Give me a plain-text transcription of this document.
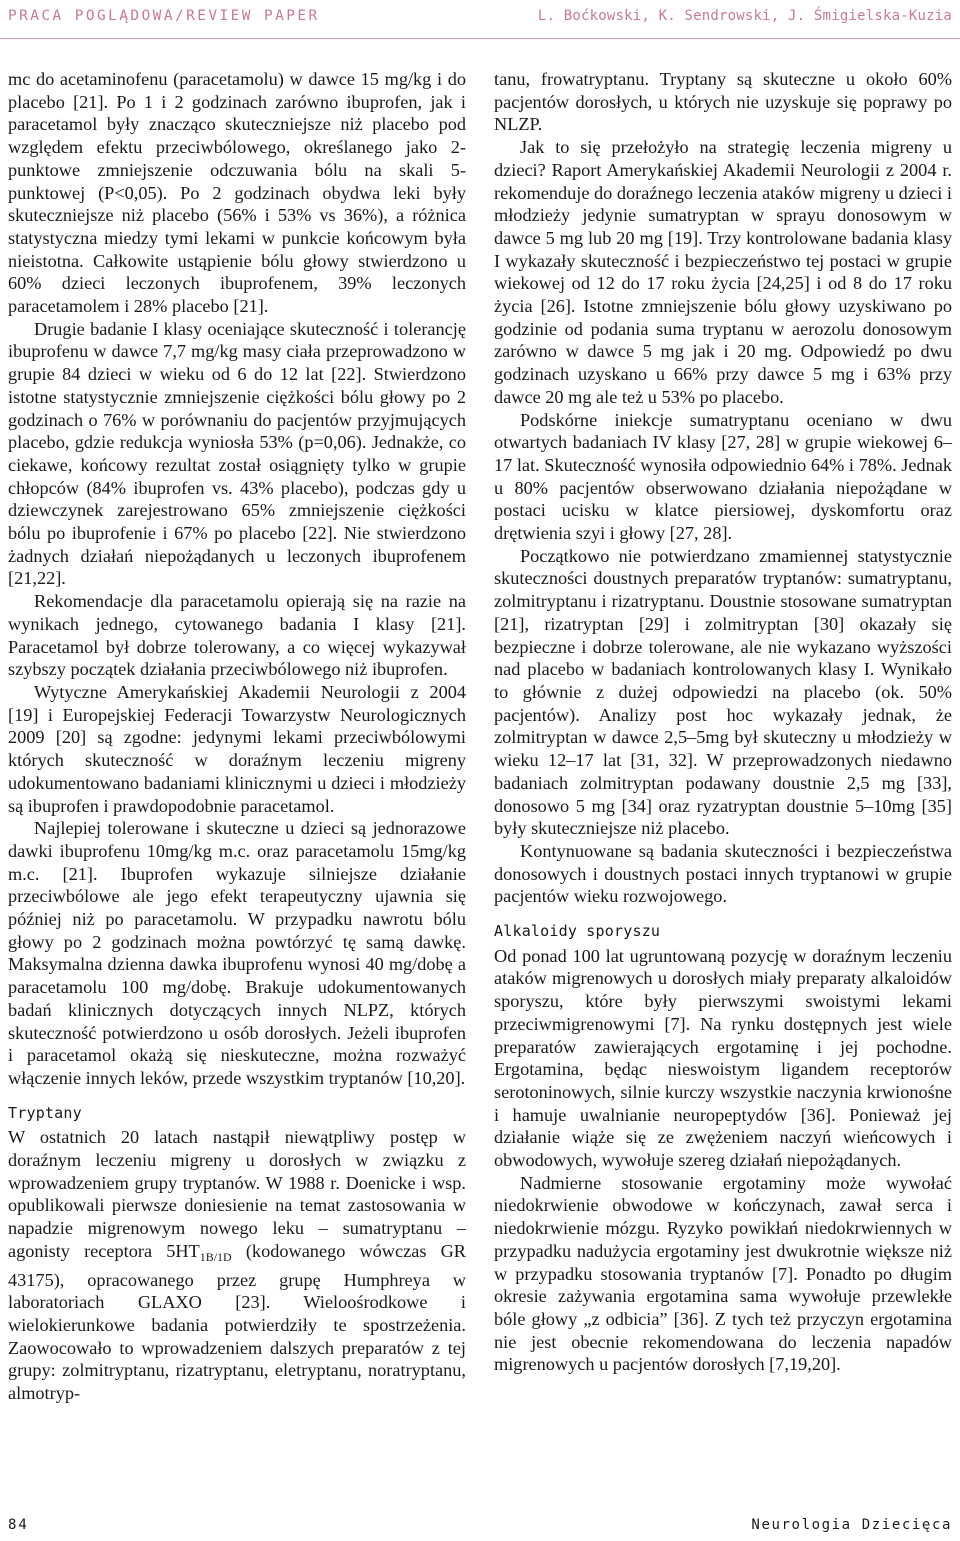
PRACA POGLĄDOWA/REVIEW PAPER	L. Boćkowski, K. Sendrowski, J. Śmigielska-Kuzia

mc do acetaminofenu (paracetamolu) w dawce 15 mg/kg i do placebo [21]. Po 1 i 2 godzinach zarówno ibuprofen, jak i paracetamol były znacząco skuteczniejsze niż placebo pod względem efektu przeciwbólowego, określanego jako 2-punktowe zmniejszenie odczuwania bólu na skali 5-punktowej (P<0,05). Po 2 godzinach obydwa leki były skuteczniejsze niż placebo (56% i 53% vs 36%), a różnica statystyczna miedzy tymi lekami w punkcie końcowym była nieistotna. Całkowite ustąpienie bólu głowy stwierdzono u 60% dzieci leczonych ibuprofenem, 39% leczonych paracetamolem i 28% placebo [21].

Drugie badanie I klasy oceniające skuteczność i tolerancję ibuprofenu w dawce 7,7 mg/kg masy ciała przeprowadzono w grupie 84 dzieci w wieku od 6 do 12 lat [22]. Stwierdzono istotne statystycznie zmniejszenie ciężkości bólu głowy po 2 godzinach o 76% w porównaniu do pacjentów przyjmujących placebo, gdzie redukcja wyniosła 53% (p=0,06). Jednakże, co ciekawe, końcowy rezultat został osiągnięty tylko w grupie chłopców (84% ibuprofen vs. 43% placebo), podczas gdy u dziewczynek zarejestrowano 65% zmniejszenie ciężkości bólu po ibuprofenie i 67% po placebo [22]. Nie stwierdzono żadnych działań niepożądanych u leczonych ibuprofenem [21,22].

Rekomendacje dla paracetamolu opierają się na razie na wynikach jednego, cytowanego badania I klasy [21]. Paracetamol był dobrze tolerowany, a co więcej wykazywał szybszy początek działania przeciwbólowego niż ibuprofen.

Wytyczne Amerykańskiej Akademii Neurologii z 2004 [19] i Europejskiej Federacji Towarzystw Neurologicznych 2009 [20] są zgodne: jedynymi lekami przeciwbólowymi których skuteczność w doraźnym leczeniu migreny udokumentowano badaniami klinicznymi u dzieci i młodzieży są ibuprofen i prawdopodobnie paracetamol.

Najlepiej tolerowane i skuteczne u dzieci są jednorazowe dawki ibuprofenu 10mg/kg m.c. oraz paracetamolu 15mg/kg m.c. [21]. Ibuprofen wykazuje silniejsze działanie przeciwbólowe ale jego efekt terapeutyczny ujawnia się później niż po paracetamolu. W przypadku nawrotu bólu głowy po 2 godzinach można powtórzyć tę samą dawkę. Maksymalna dzienna dawka ibuprofenu wynosi 40 mg/dobę a paracetamolu 100 mg/dobę. Brakuje udokumentowanych badań klinicznych dotyczących innych NLPZ, których skuteczność potwierdzono u osób dorosłych. Jeżeli ibuprofen i paracetamol okażą się nieskuteczne, można rozważyć włączenie innych leków, przede wszystkim tryptanów [10,20].

Tryptany

W ostatnich 20 latach nastąpił niewątpliwy postęp w doraźnym leczeniu migreny u dorosłych w związku z wprowadzeniem grupy tryptanów. W 1988 r. Doenicke i wsp. opublikowali pierwsze doniesienie na temat zastosowania w napadzie migrenowym nowego leku – sumatryptanu – agonisty receptora $5HT_{1B/1D}$ (kodowanego wówczas GR 43175), opracowanego przez grupę Humphreya w laboratoriach GLAXO [23]. Wieloośrodkowe i wielokierunkowe badania potwierdziły te spostrzeżenia. Zaowocowało to wprowadzeniem dalszych preparatów z tej grupy: zolmitryptanu, rizatryptanu, eletryptanu, noratryptanu, almotryp-

tanu, frowatryptanu. Tryptany są skuteczne u około 60% pacjentów dorosłych, u których nie uzyskuje się poprawy po NLZP.

Jak to się przełożyło na strategię leczenia migreny u dzieci? Raport Amerykańskiej Akademii Neurologii z 2004 r. rekomenduje do doraźnego leczenia ataków migreny u dzieci i młodzieży jedynie sumatryptan w sprayu donosowym w dawce 5 mg lub 20 mg [19]. Trzy kontrolowane badania klasy I wykazały skuteczność i bezpieczeństwo tej postaci w grupie wiekowej od 12 do 17 roku życia [24,25] i od 8 do 17 roku życia [26]. Istotne zmniejszenie bólu głowy uzyskiwano po godzinie od podania suma tryptanu w aerozolu donosowym zarówno w dawce 5 mg jak i 20 mg. Odpowiedź po dwu godzinach uzyskano u 66% przy dawce 5 mg i 63% przy dawce 20 mg ale też u 53% po placebo.

Podskórne iniekcje sumatryptanu oceniano w dwu otwartych badaniach IV klasy [27, 28] w grupie wiekowej 6–17 lat. Skuteczność wynosiła odpowiednio 64% i 78%. Jednak u 80% pacjentów obserwowano działania niepożądane w postaci ucisku w klatce piersiowej, dyskomfortu oraz drętwienia szyi i głowy [27, 28].

Początkowo nie potwierdzano zmamiennej statystycznie skuteczności doustnych preparatów tryptanów: sumatryptanu, zolmitryptanu i rizatryptanu. Doustnie stosowane sumatryptan [21], rizatryptan [29] i zolmitryptan [30] okazały się bezpieczne i dobrze tolerowane, ale nie wykazano wyższości nad placebo w badaniach kontrolowanych klasy I. Wynikało to głównie z dużej odpowiedzi na placebo (ok. 50% pacjentów). Analizy post hoc wykazały jednak, że zolmitryptan w dawce 2,5–5mg był skuteczny u młodzieży w wieku 12–17 lat [31, 32]. W przeprowadzonych niedawno badaniach zolmitryptan podawany doustnie 2,5 mg [33], donosowo 5 mg [34] oraz ryzatryptan doustnie 5–10mg [35] były skuteczniejsze niż placebo.

Kontynuowane są badania skuteczności i bezpieczeństwa donosowych i doustnych postaci innych tryptanowi w grupie pacjentów wieku rozwojowego.

Alkaloidy sporyszu

Od ponad 100 lat ugruntowaną pozycję w doraźnym leczeniu ataków migrenowych u dorosłych miały preparaty alkaloidów sporyszu, które były pierwszymi swoistymi lekami przeciwmigrenowymi [7]. Na rynku dostępnych jest wiele preparatów zawierających ergotaminę i jej pochodne. Ergotamina, będąc nieswoistym ligandem receptorów serotoninowych, silnie kurczy wszystkie naczynia krwionośne i hamuje uwalnianie neuropeptydów [36]. Ponieważ jej działanie wiąże się ze zwężeniem naczyń wieńcowych i obwodowych, wywołuje szereg działań niepożądanych.

Nadmierne stosowanie ergotaminy może wywołać niedokrwienie obwodowe w kończynach, zawał serca i niedokrwienie mózgu. Ryzyko powikłań niedokrwiennych w przypadku nadużycia ergotaminy jest dwukrotnie większe niż w przypadku stosowania tryptanów [7]. Ponadto po długim okresie zażywania ergotamina sama wywołuje przewlekłe bóle głowy „z odbicia” [36]. Z tych też przyczyn ergotamina nie jest obecnie rekomendowana do leczenia napadów migrenowych u pacjentów dorosłych [7,19,20].

84	Neurologia Dziecięca
